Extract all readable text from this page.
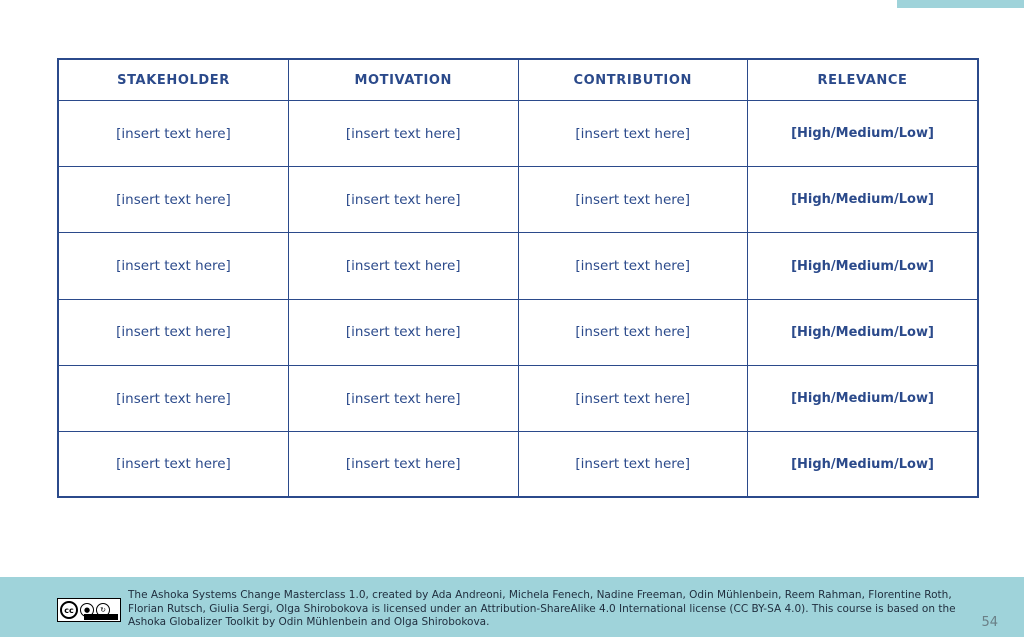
STAKEHOLDER	MOTIVATION	CONTRIBUTION	RELEVANCE
[insert text here]	[insert text here]	[insert text here]	[High/Medium/Low]
[insert text here]	[insert text here]	[insert text here]	[High/Medium/Low]
[insert text here]	[insert text here]	[insert text here]	[High/Medium/Low]
[insert text here]	[insert text here]	[insert text here]	[High/Medium/Low]
[insert text here]	[insert text here]	[insert text here]	[High/Medium/Low]
[insert text here]	[insert text here]	[insert text here]	[High/Medium/Low]
cc	●	↻
The Ashoka Systems Change Masterclass 1.0, created by Ada Andreoni, Michela Fenech, Nadine Freeman, Odin Mühlenbein, Reem Rahman, Florentine Roth, Florian Rutsch, Giulia Sergi, Olga Shirobokova is licensed under an Attribution-ShareAlike 4.0 International license (CC BY-SA 4.0). This course is based on the Ashoka Globalizer Toolkit by Odin Mühlenbein and Olga Shirobokova.	54
